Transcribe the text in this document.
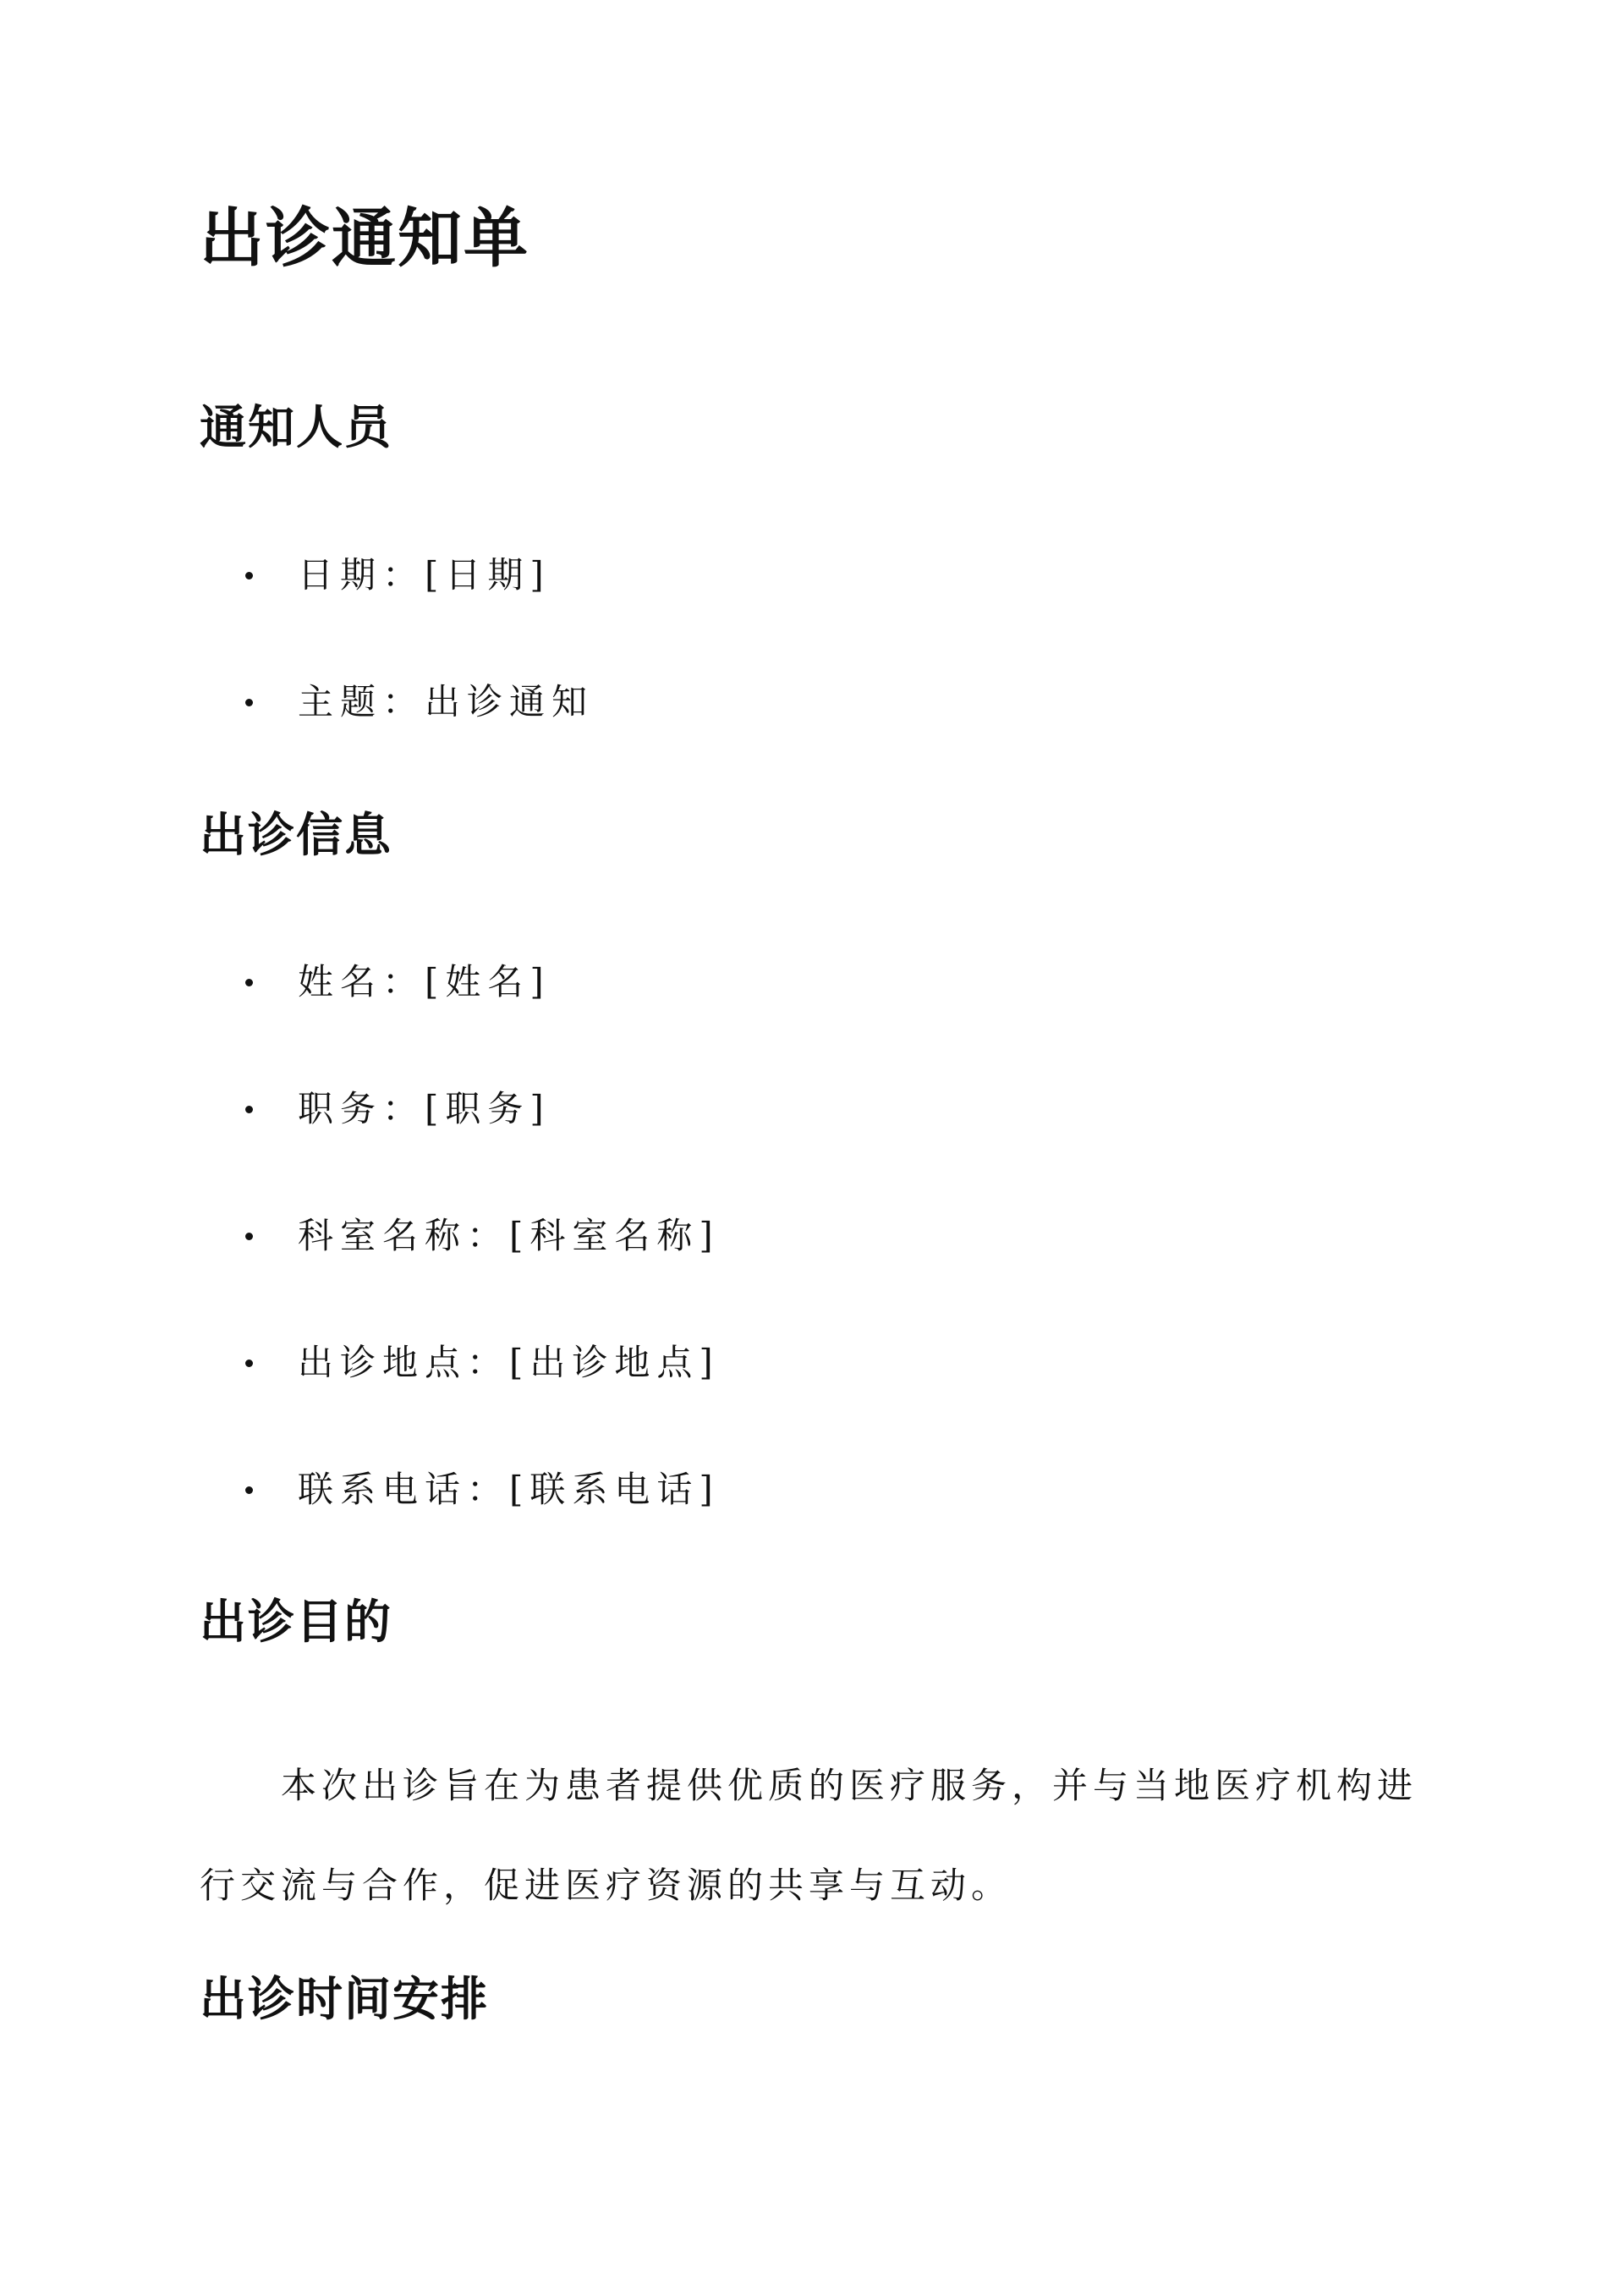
出诊通知单
通知人员
日期：[日期]
主题：出诊通知
出诊信息
姓名：[姓名]
职务：[职务]
科室名称：[科室名称]
出诊地点：[出诊地点]
联系电话：[联系电话]
出诊目的

本次出诊旨在为患者提供优质的医疗服务，并与当地医疗机构进行交流与合作，促进医疗资源的共享与互动。

出诊时间安排
